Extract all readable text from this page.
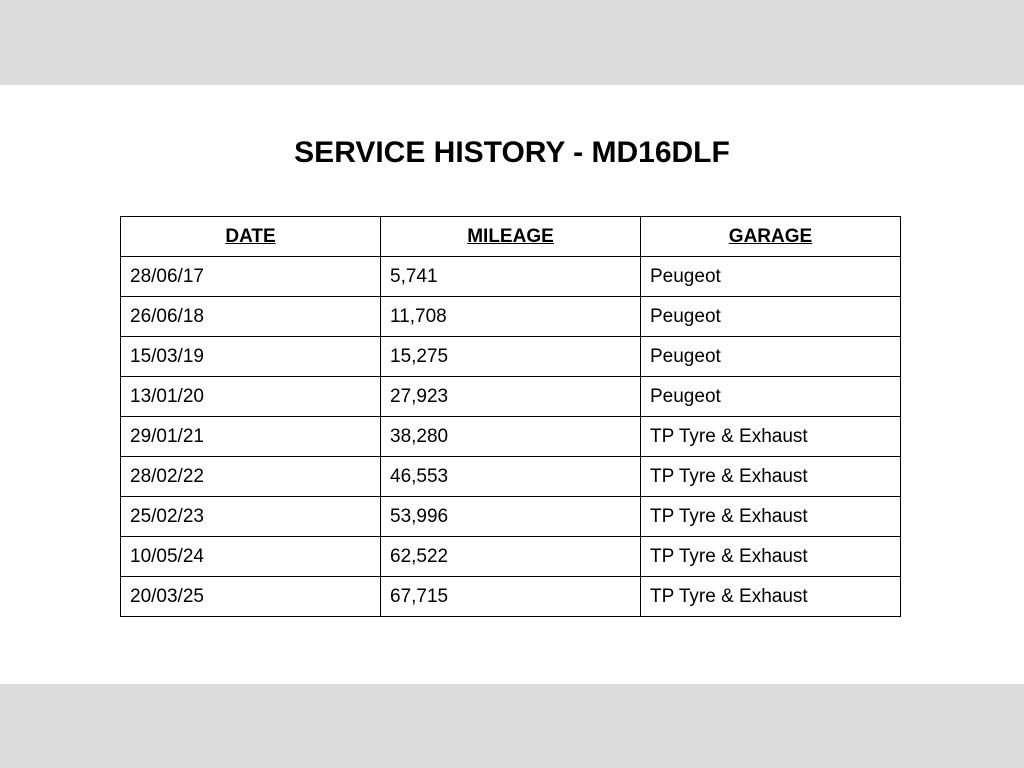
SERVICE HISTORY - MD16DLF
DATE	MILEAGE	GARAGE
28/06/17	5,741	Peugeot
26/06/18	11,708	Peugeot
15/03/19	15,275	Peugeot
13/01/20	27,923	Peugeot
29/01/21	38,280	TP Tyre & Exhaust
28/02/22	46,553	TP Tyre & Exhaust
25/02/23	53,996	TP Tyre & Exhaust
10/05/24	62,522	TP Tyre & Exhaust
20/03/25	67,715	TP Tyre & Exhaust
